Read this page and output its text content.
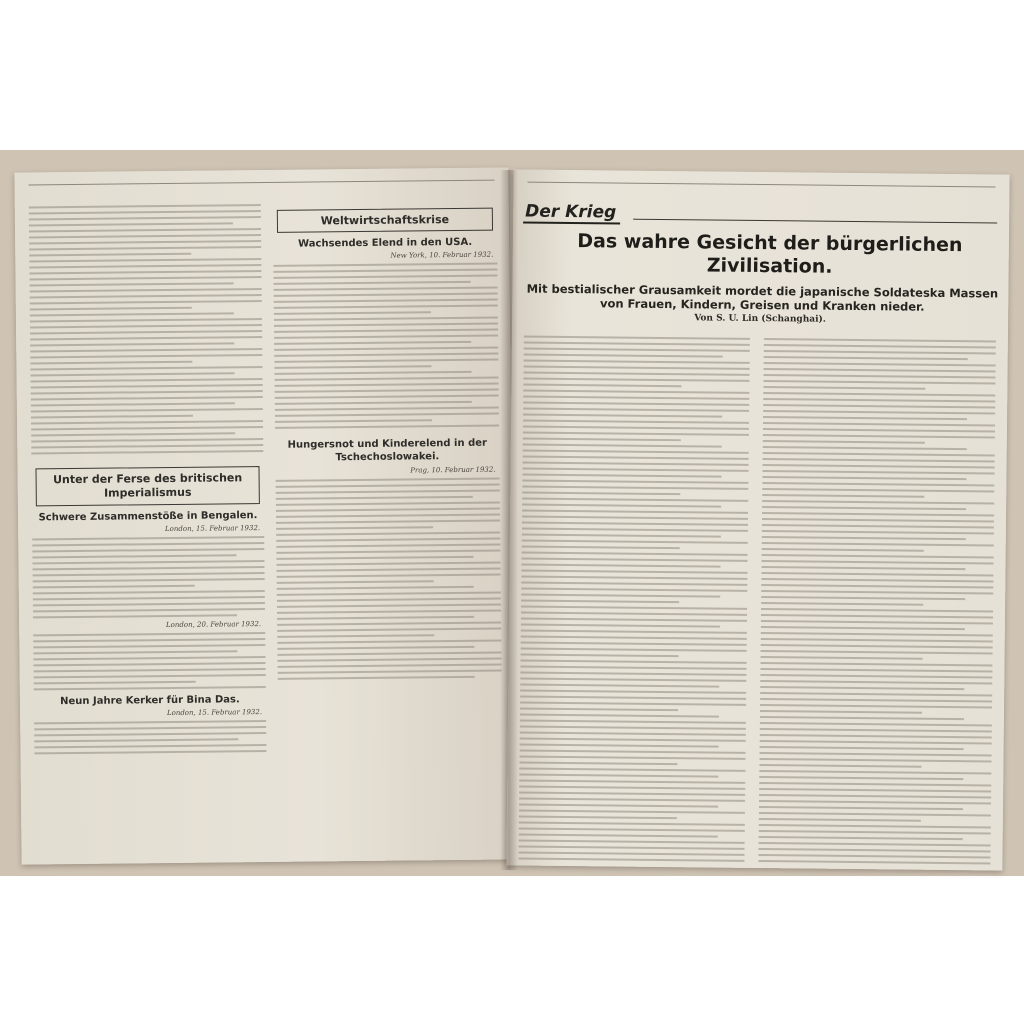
Unter der Ferse des britischen Imperialismus
Schwere Zusammenstöße in Bengalen.
London, 15. Februar 1932.
London, 20. Februar 1932.
Neun Jahre Kerker für Bina Das.
London, 15. Februar 1932.
Weltwirtschaftskrise
Wachsendes Elend in den USA.
New York, 10. Februar 1932.
Hungersnot und Kinderelend in der Tschechoslowakei.
Prag, 10. Februar 1932.
Der Krieg
Das wahre Gesicht der bürgerlichen Zivilisation.
Mit bestialischer Grausamkeit mordet die japanische Soldateska Massen von Frauen, Kindern, Greisen und Kranken nieder.
Von S. U. Lin (Schanghai).
